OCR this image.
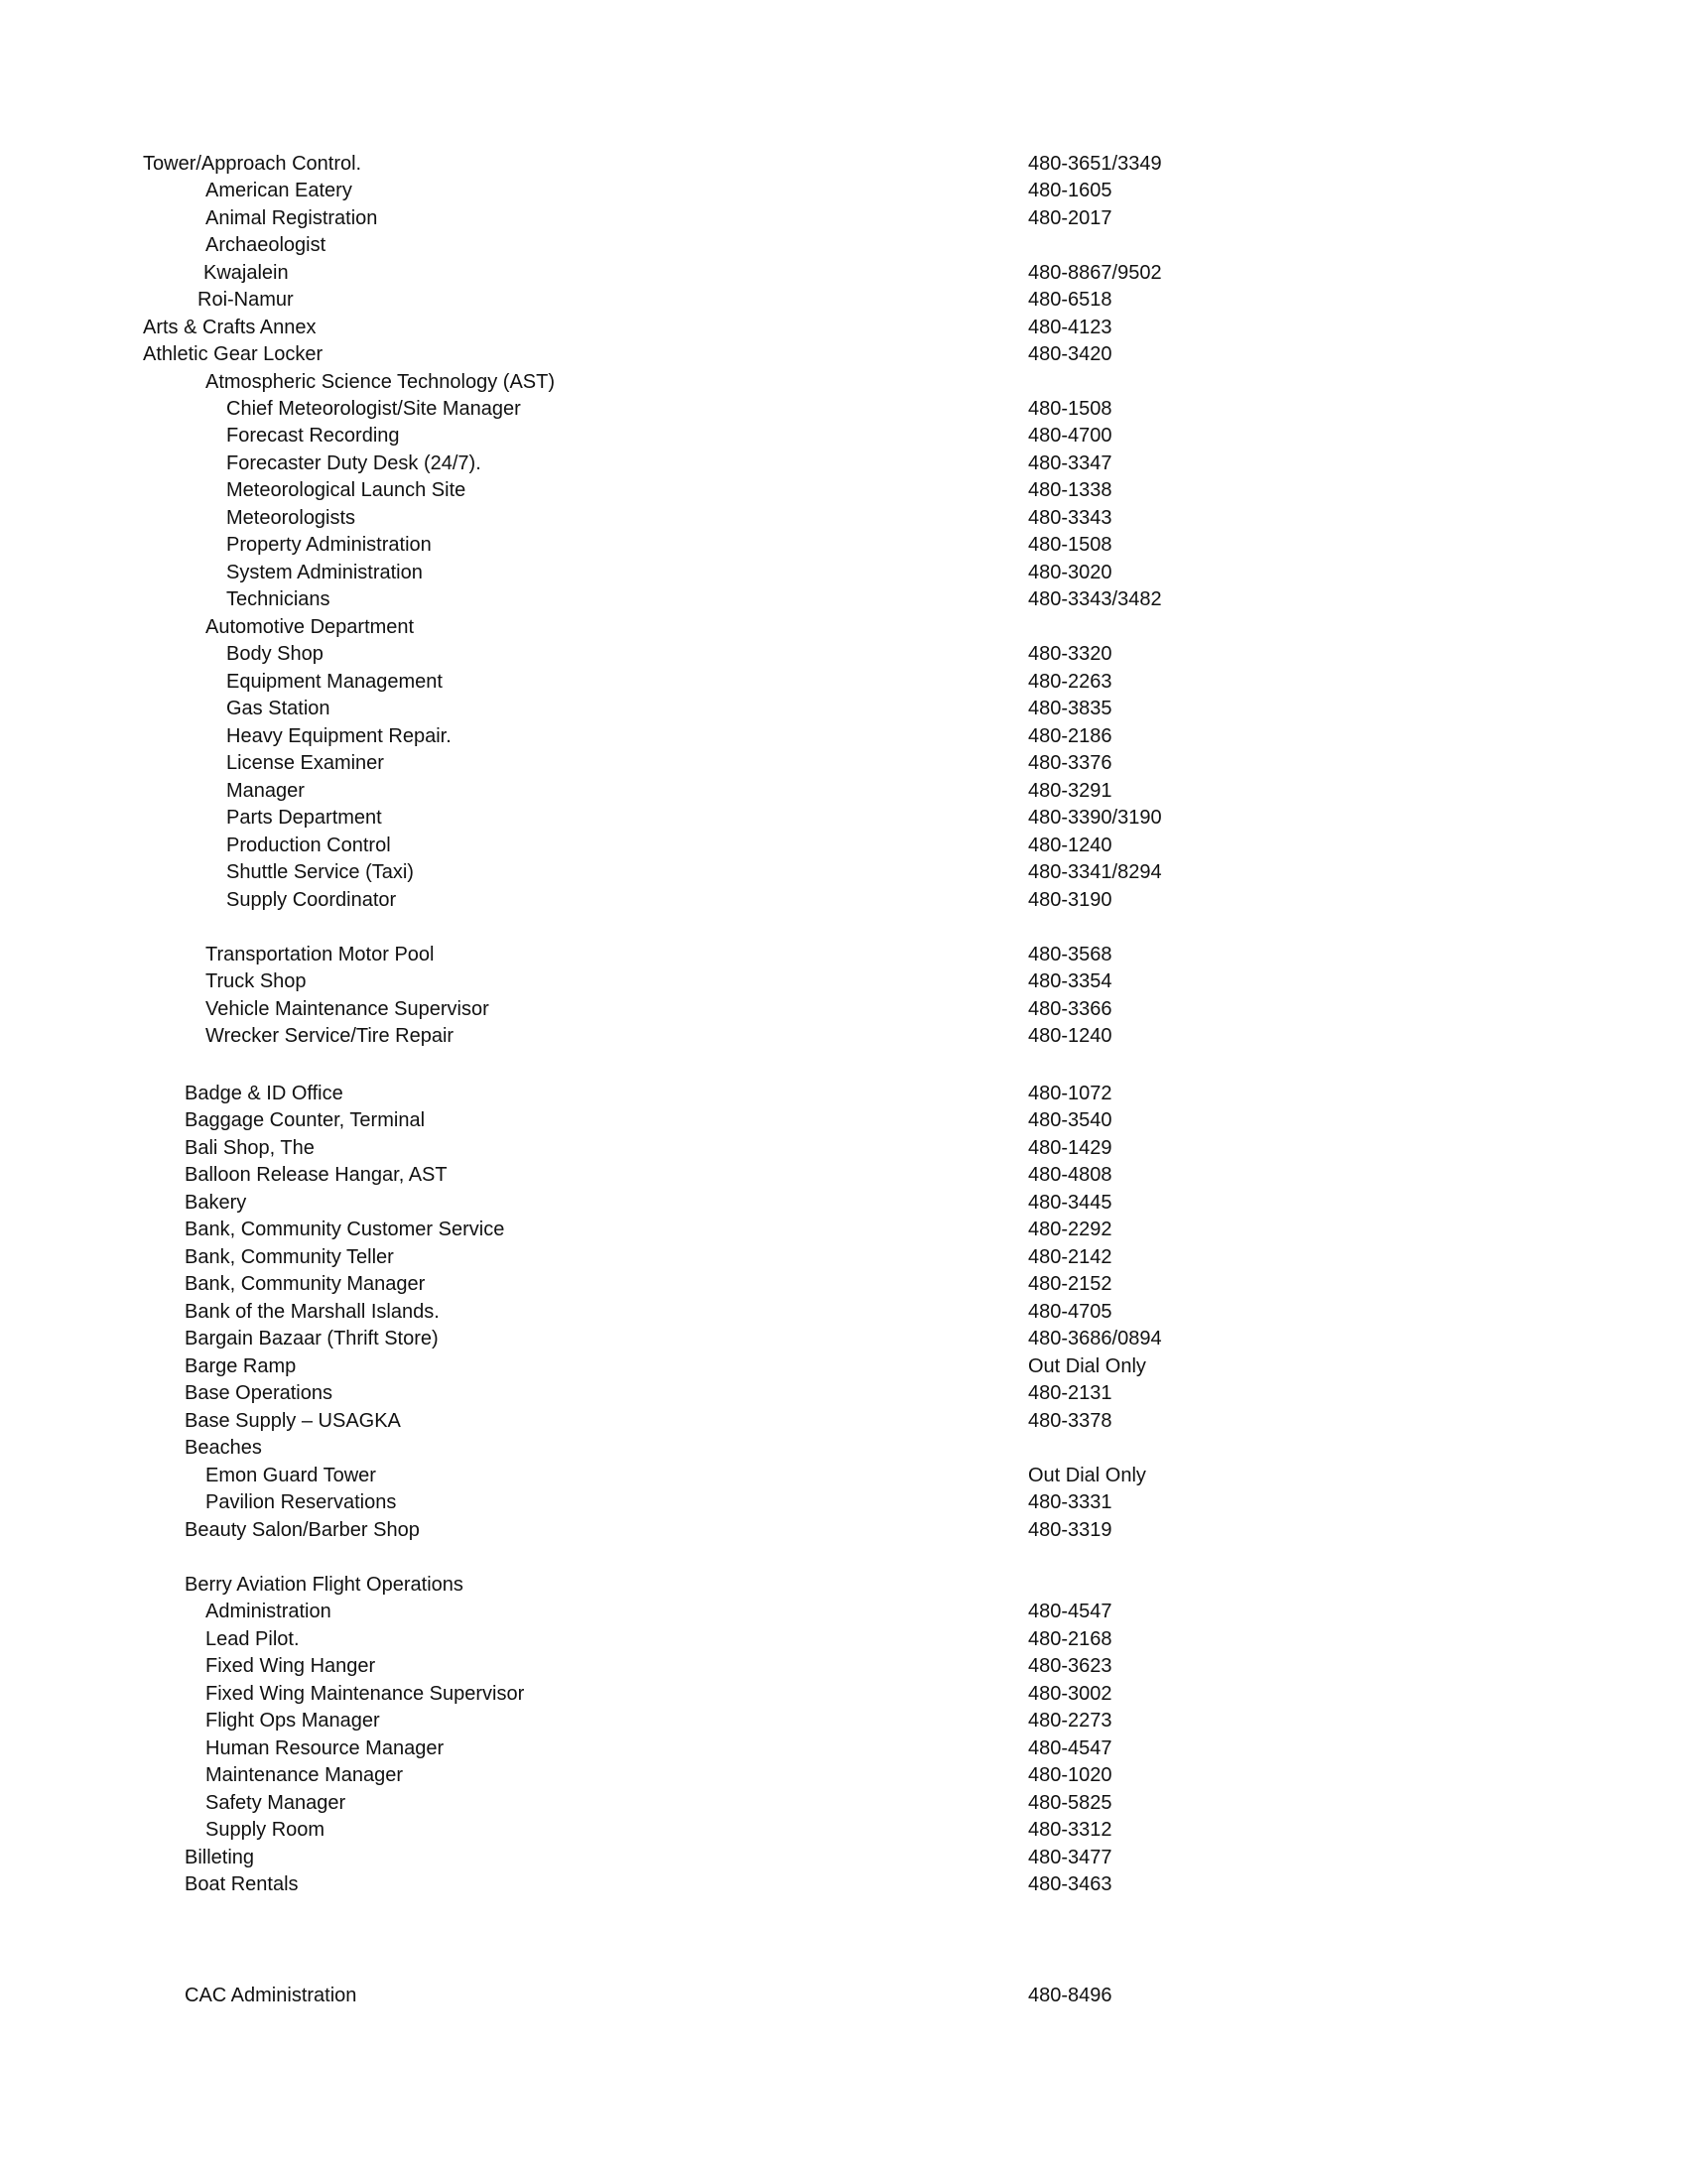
Tower/Approach Control.	480-3651/3349
American Eatery	480-1605
Animal Registration	480-2017
Archaeologist
Kwajalein	480-8867/9502
Roi-Namur	480-6518
Arts & Crafts Annex	480-4123
Athletic Gear Locker	480-3420
Atmospheric Science Technology (AST)
Chief Meteorologist/Site Manager	480-1508
Forecast Recording	480-4700
Forecaster Duty Desk (24/7).	480-3347
Meteorological Launch Site	480-1338
Meteorologists	480-3343
Property Administration	480-1508
System Administration	480-3020
Technicians	480-3343/3482
Automotive Department
Body Shop	480-3320
Equipment Management	480-2263
Gas Station	480-3835
Heavy Equipment Repair.	480-2186
License Examiner	480-3376
Manager	480-3291
Parts Department	480-3390/3190
Production Control	480-1240
Shuttle Service (Taxi)	480-3341/8294
Supply Coordinator	480-3190
Transportation Motor Pool	480-3568
Truck Shop	480-3354
Vehicle Maintenance Supervisor	480-3366
Wrecker Service/Tire Repair	480-1240
Badge & ID Office	480-1072
Baggage Counter, Terminal	480-3540
Bali Shop, The	480-1429
Balloon Release Hangar, AST	480-4808
Bakery	480-3445
Bank, Community Customer Service	480-2292
Bank, Community Teller	480-2142
Bank, Community Manager	480-2152
Bank of the Marshall Islands.	480-4705
Bargain Bazaar (Thrift Store)	480-3686/0894
Barge Ramp	Out Dial Only
Base Operations	480-2131
Base Supply – USAGKA	480-3378
Beaches
Emon Guard Tower	Out Dial Only
Pavilion Reservations	480-3331
Beauty Salon/Barber Shop	480-3319
Berry Aviation Flight Operations
Administration	480-4547
Lead Pilot.	480-2168
Fixed Wing Hanger	480-3623
Fixed Wing Maintenance Supervisor	480-3002
Flight Ops Manager	480-2273
Human Resource Manager	480-4547
Maintenance Manager	480-1020
Safety Manager	480-5825
Supply Room	480-3312
Billeting	480-3477
Boat Rentals	480-3463
CAC Administration	480-8496
